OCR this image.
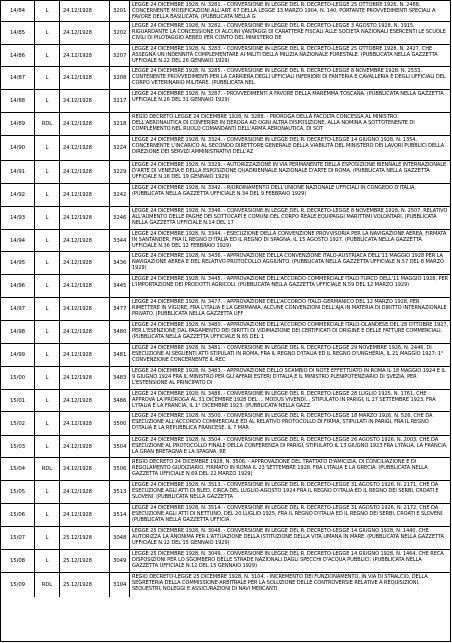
14/84	L	24.12/1928	3201
LEGGE 24 DICEMBRE 1928, N. 3281. - CONVERSIONE IN LEGGE DEL R. DECRETO-LEGGE 25 OTTOBRE 1926, N. 2488, CONCERNENTE MODIFICAZIONI ALL'ART. 67 DELLA LEGGE 13 MARZO 1904, N. 140, PORTANTE PROVVEDIMENTI SPECIALI A FAVORE DELLA BASILICATA. (PUBBLICATA NELLA G
14/85	L	24.12/1928	3202
LEGGE 24 DICEMBRE 1928, N. 3282. - CONVERSIONE IN LEGGE DEL R. DECRETO-LEGGE 3 AGOSTO 1928, N. 1915, RIGUARDANTE LA CONCESSIONE DI ALCUNI VANTAGGI DI CARATTERE FISCALI ALLE SOCIETÀ NAZIONALI ESERCENTI LE SCUOLE CIVILI DI PILOTAGGIO AEREO PER CONTO DEL MINISTERO DE
14/86	L	24.12/1928	3207
LEGGE 24 DICEMBRE 1928, N. 3283. - CONVERSIONE IN LEGGE DEL R. DECRETO-LEGGE 25 OTTOBRE 1928, N. 2427, CHE ASSEGNA UN INDENNITÀ COMPLEMENTARE AI MILITI DELLA MILIZIA NAZIONALE FORESTALE. (PUBBLICATA NELLA GAZZETTA UFFICIALE N.22 DEL 26 GENNAIO 1929)
14/87	L	24.12/1928	3208
LEGGE 24 DICEMBRE 1928, N. 3285. - CONVERSIONE IN LEGGE DEL R. DECRETO-LEGGE 8 NOVEMBRE 1928, N. 2533, CONTENENTE PROVVEDIMENTI PER LA CARRIERA DEGLI UFFICIALI INFERIORI DI FANTERIA E CAVALLERIA E DEGLI UFFICIALI DEL CORPO VETERINARIO MILITARE. (PUBBLICATA NEL
14/88	L	24.12/1928	3217
LEGGE 24 DICEMBRE 1928, N. 3287. - PROVVEDIMENTI A FAVORE DELLA MAREMMA TOSCANA. (PUBBLICATA NELLA GAZZETTA UFFICIALE N.26 DEL 31 GENNAIO 1929)
14/89	RDL	24.12/1928	3218
REGIO DECRETO-LEGGE 24 DICEMBRE 1928, N. 3288. - PROROGA DELLA FACOLTÀ CONCESSA AL MINISTRO DELL'AERONAUTICA DI CONFERIRE IN DEROGA AD OGNI ALTRA DISPOSIZIONE, ALLA NOMINA A SOTTOTENENTE DI COMPLEMENTO NEL RUOLO COMANDANTI DELL'ARMA AERONAUTICA, DI SOT
14/90	L	24.12/1928	3224
LEGGE 24 DICEMBRE 1928, N. 3324. - CONVERSIONE IN LEGGE DEL R. DECRETO-LEGGE 14 GIUGNO 1928, N. 1354, CONCERNENTE L'INCARICO AL SECONDO DIRETTORE GENERALE DELLA VIABILITÀ DEL MINISTERO DEI LAVORI PUBBLICI DELLA DIREZIONE DEI SERVIZI AMMINISTRATIVI DELL'AZ
14/91	L	24.12/1928	3229
LEGGE 24 DICEMBRE 1928, N. 3329. - AUTORIZZAZIONE IN VIA PERMANENTE DELLA ESPOSIZIONE BIENNALE INTERNAZIONALE D'ARTE DI VENEZIA E DELLA ESPOSIZIONE QUADRIENNALE NAZIONALE D'ARTE DI ROMA. (PUBBLICATA NELLA GAZZETTA UFFICIALE N.16 DEL 19 GENNAIO 1929)
14/92	L	24.12/1928	3242
LEGGE 24 DICEMBRE 1928, N. 3342. - RIORDINAMENTO DELL'UNIONE NAZIONALE UFFICIALI IN CONGEDO D'ITALIA. (PUBBLICATA NELLA GAZZETTA UFFICIALE N.34 DEL 9 FEBBRAIO 1929)
14/93	L	24.12/1928	3246
LEGGE 24 DICEMBRE 1928, N. 3346. - CONVERSIONE IN LEGGE DEL R. DECRETO-LEGGE 8 NOVEMBRE 1928, N. 2507, RELATIVO ALL'AUMENTO DELLE PAGHE DEI SOTTOCAPI E COMUNI DEL CORPO REALE EQUIPAGGI MARITTIMI VOLONTARI. (PUBBLICATA NELLA GAZZETTA UFFICIALE N.14 DEL 17
14/94	L	24.12/1928	3344
LEGGE 24 DICEMBRE 1928, N. 3344. - ESECUZIONE DELLA CONVENZIONE PROVVISORIA PER LA NAVIGAZIONE AEREA, FIRMATA IN SANTANDER, FRA IL REGNO D'ITALIA ED IL REGNO DI SPAGNA, IL 15 AGOSTO 1927. (PUBBLICATA NELLA GAZZETTA UFFICIALE N.36 DEL 12 FEBBRAIO 1929)
14/95	L	24.12/1928	3436
LEGGE 24 DICEMBRE 1928, N. 3436. - APPROVAZIONE DELLA CONVENZIONE ITALO-AUSTRIACA DELL'11 MAGGIO 1928 PER LA NAVIGAZIONE AEREA E DEL RELATIVO PROTOCOLLO AGGIUNTO. (PUBBLICATA NELLA GAZZETTA UFFICIALE N.57 DEL 8 MARZO 1929)
14/96	L	24.12/1928	3445
LEGGE 24 DICEMBRE 1928, N. 3445. - APPROVAZIONE DELL'ACCORDO COMMERCIALE ITALO-TURCO DELL'11 MAGGIO 1928, PER L'IMPORTAZIONE DEI PRODOTTI AGRICOLI. (PUBBLICATA NELLA GAZZETTA UFFICIALE N.59 DEL 12 MARZO 1929)
14/97	L	24.12/1928	3477
LEGGE 24 DICEMBRE 1928, N. 3477. - APPROVAZIONE DELL'ACCORDO ITALO-GERMANICO DEL 12 MARZO 1928, PER RIMETTERE IN VIGORE, FRA L'ITALIA E LA GERMANIA, ALCUNE CONVENZIONI DELL'AJA IN MATERIA DI DIRITTO INTERNAZIONALE PRIVATO. (PUBBLICATA NELLA GAZZETTA UFF
14/98	L	24.12/1928	3480
LEGGE 24 DICEMBRE 1928, N. 3480. - APPROVAZIONE DELL'ACCORDO COMMERCIALE ITALO-OLANDESE DEL 28 OTTOBRE 1927, PER L'ESENZIONE DAL PAGAMENTO DEI DIRITTI DI VIDIMAZIONE DEI CERTIFICATI DI ORIGINE E DELLE FATTURE COMMERCIALI. (PUBBLICATA NELLA GAZZETTA UFFICIALE N.65 DEL 1
14/99	L	24.12/1928	3481
LEGGE 24 DICEMBRE 1928, N. 3481. - CONVERSIONE IN LEGGE DEL R. DECRETO-LEGGE 29 NOVEMBRE 1926, N. 2446, DI ESECUZIONE AI SEGUENTI ATTI STIPULATI IN ROMA, FRA IL REGNO D'ITALIA ED IL REGNO D'UNGHERIA, IL 21 MAGGIO 1927: 1° CONVENZIONE CONCERNENTE IL REC
15/00	L	24.12/1928	3483
LEGGE 24 DICEMBRE 1928, N. 3483. - APPROVAZIONE DELLO SCAMBIO DI NOTE EFFETTUATO IN ROMA IL 18 MAGGIO 1924 E IL 9 GIUGNO 1924 FRA IL MINISTRO PER GLI AFFARI ESTERI D'ITALIA E IL MINISTRO PLENIPOTENZIARIO DI SVEZIA, PER L'ESTENSIONE AL PRINCIPATO DI
15/01	L	24.12/1928	3486
LEGGE 24 DICEMBRE 1928, N. 3486. - CONVERSIONE IN LEGGE DEL R. DECRETO-LEGGE 28 LUGLIO 1925, N. 1761, CHE APPROVA LA PROROGA AL 31 DICEMBRE 1928 DEL ... MODUS VIVENDI... STIPULATO IN PARIGI, IL 27 SETTEMBRE 1923, FRA L'ITALIA E LA FRANCIA, IL 1° DICEMBRE 1923. (PUBBLICATA NELLA GAZZ
15/02	L	24.12/1928	3500
LEGGE 24 DICEMBRE 1928, N. 3500. - CONVERSIONE IN LEGGE DEL R. DECRETO-LEGGE 18 MARZO 1926, N. 526, CHE DÀ ESECUZIONE ALL'ACCORDO COMMERCIALE ED AL RELATIVO PROTOCOLLO DI FIRMA, STIPULATI IN PARIGI, FRA IL REGNO D'ITALIA E LA REPUBBLICA FRANCESE, IL 7 MAR
15/03	L	24.12/1928	3504
LEGGE 24 DICEMBRE 1928, N. 3504. - CONVERSIONE IN LEGGE DEL R. DECRETO-LEGGE 26 AGOSTO 1926, N. 2003, CHE DÀ ESECUZIONE AL PROTOCOLLO FINALE DELLA CONFERENZA DI PARIGI, STIPULATO IL 13 GIUGNO 1923 FRA L'ITALIA, LA FRANCIA, LA GRAN BRETAGNA E LA SPAGNA, RE
15/04	RDL	24.12/1928	3506
REGIO DECRETO 24 DICEMBRE 1928, N. 3506. - APPROVAZIONE DEL TRATTATO D'AMICIZIA, DI CONCILIAZIONE E DI REGOLAMENTO GIUDIZIARIO, FIRMATO IN ROMA IL 23 SETTEMBRE 1928, FRA L'ITALIA E LA GRECIA. (PUBBLICATA NELLA GAZZETTA UFFICIALE N.69 DEL 22 MARZO 1929)
15/05	L	24.12/1928	3513
LEGGE 24 DICEMBRE 1928, N. 3513. - CONVERSIONE IN LEGGE DEL R. DECRETO-LEGGE 31 AGOSTO 1926, N. 2171, CHE DÀ ESECUZIONE AGLI ATTI DI BLED, CIRCA DEL LUGLIO-AGOSTO 1924 FRA IL REGNO D'ITALIA ED IL REGNO DEI SERBI, CROATI E SLOVENI. (PUBBLICATA NELLA GAZZETTA
15/06	L	24.12/1928	3514
LEGGE 24 DICEMBRE 1928, N. 3514. - CONVERSIONE IN LEGGE DEL R. DECRETO-LEGGE 31 AGOSTO 1926, N. 2172, CHE DÀ ESECUZIONE AGLI ATTI DI NETTUNO, DEL 20 LUGLIO 1925, FRA IL REGNO D'ITALIA ED IL REGNO DEI SERBI, CROATI E SLOVENI. (PUBBLICATA NELLA GAZZETTA UFFICIA
15/07	L	25.12/1928	3048
LEGGE 25 DICEMBRE 1928, N. 3048. - CONVERSIONE IN LEGGE DEL R. DECRETO-LEGGE 14 GIUGNO 1928, N. 1440, CHE AUTORIZZA LA ANONIMA PER L'ATTUAZIONE DELLA ISTITUZIONE DELLA VITA UMANA IN MARE. (PUBBLICATA NELLA GAZZETTA UFFICIALE N.12 DEL 15 GENNAIO 1929)
15/08	L	25.12/1928	3049
LEGGE 25 DICEMBRE 1928, N. 3049. - CONVERSIONE IN LEGGE DEL R. DECRETO-LEGGE 14 GIUGNO 1928, N. 1464, CHE RECA DISPOSIZIONI PER LO SGOMBERO DELLE STRADE NAZIONALI DAGLI SPECCHI D'ACQUA PUBBLICI. (PUBBLICATA NELLA GAZZETTA UFFICIALE N.12 DEL 15 GENNAIO 1929)
15/09	RDL	25.12/1928	3104
REGIO DECRETO-LEGGE 25 DICEMBRE 1928, N. 3104. - INCREMENTO DEI FUNZIONAMENTO, IN VIA DI STRALCIO, DELLA SEGRETERIA DELLA COMMISSIONE ARBITRALE PER LA SOLUZIONE DELLE CONTROVERSIE RELATIVE A REQUISIZIONI, SEQUESTRI, NOLEGGI E ASSICURAZIONI DI NAVI MERCANTI
